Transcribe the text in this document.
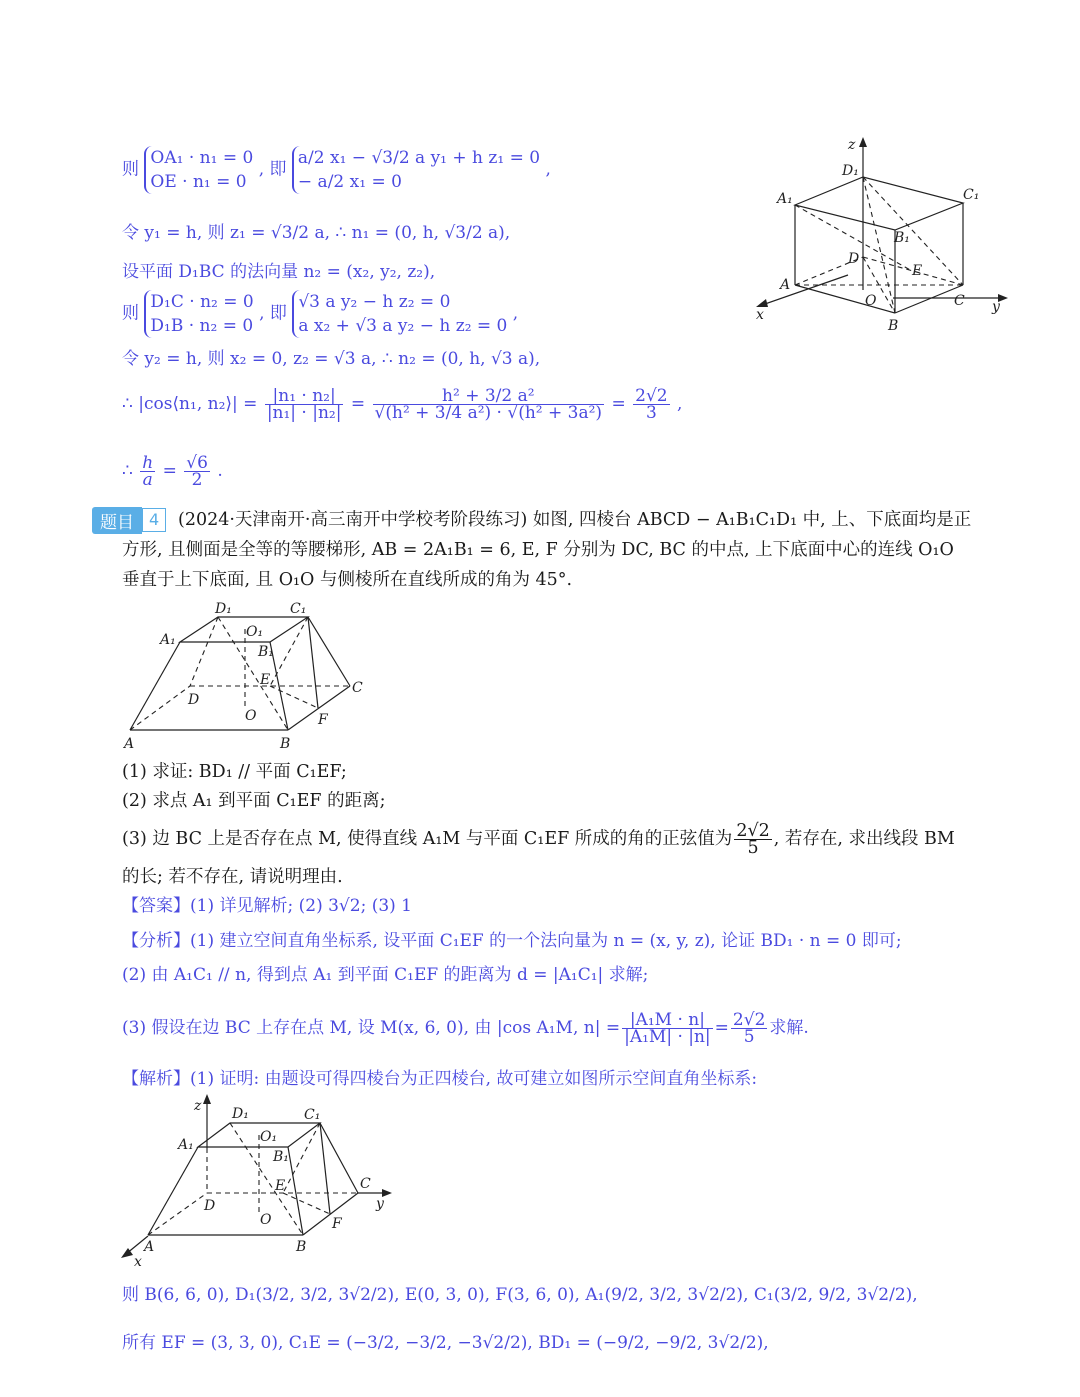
则
OA₁ · n₁ = 0
OE · n₁ = 0
, 即
a/2 x₁ − √3/2 a y₁ + h z₁ = 0
− a/2 x₁ = 0
,
令 y₁ = h, 则 z₁ = √3/2 a, ∴ n₁ = (0, h, √3/2 a),
设平面 D₁BC 的法向量 n₂ = (x₂, y₂, z₂),
则
D₁C · n₂ = 0
D₁B · n₂ = 0
, 即
√3 a y₂ − h z₂ = 0
a x₂ + √3 a y₂ − h z₂ = 0
,
令 y₂ = h, 则 x₂ = 0, z₂ = √3 a, ∴ n₂ = (0, h, √3 a),
∴ |cos⟨n₁, n₂⟩| = $\frac{\text{|n₁ · n₂|}}{\text{|n₁| · |n₂|}} = \frac{\text{h² + 3/2 a²}}{\text{√(h² + 3/4 a²) · √(h² + 3a²)}} = \frac{2√2}{3}$ ,
∴ $\frac{h}{a} = \frac{√6}{2}$ .
z
D₁
C₁
A₁
B₁
D
E
A
O	C y
x
B
题目 4	(2024·天津南开·高三南开中学校考阶段练习) 如图, 四棱台 ABCD − A₁B₁C₁D₁ 中, 上、下底面均是正
方形, 且侧面是全等的等腰梯形, AB = 2A₁B₁ = 6, E, F 分别为 DC, BC 的中点, 上下底面中心的连线 O₁O
垂直于上下底面, 且 O₁O 与侧棱所在直线所成的角为 45°.
D₁	C₁
A₁	O₁
B₁
E	C
D
O	F
A	B
(1) 求证: BD₁ // 平面 C₁EF;
(2) 求点 A₁ 到平面 C₁EF 的距离;
(3) 边 BC 上是否存在点 M, 使得直线 A₁M 与平面 C₁EF 所成的角的正弦值为 $\frac{2√2}{5}$ , 若存在, 求出线段 BM
的长; 若不存在, 请说明理由.
【答案】(1) 详见解析; (2) 3√2; (3) 1
【分析】(1) 建立空间直角坐标系, 设平面 C₁EF 的一个法向量为 n = (x, y, z), 论证 BD₁ · n = 0 即可;
(2) 由 A₁C₁ // n, 得到点 A₁ 到平面 C₁EF 的距离为 d = |A₁C₁| 求解;
(3) 假设在边 BC 上存在点 M, 设 M(x, 6, 0), 由 |cos A₁M, $n| = \frac{\text{|A₁M · n|}}{\text{|A₁M| · |n|}} = \frac{2√2}{5}$ 求解.
【解析】(1) 证明: 由题设可得四棱台为正四棱台, 故可建立如图所示空间直角坐标系:
z D₁	C₁
A₁	O₁
B₁
E	C
y
D
O	F
A	B
x
则 B(6, 6, 0), D₁(3/2, 3/2, 3√2/2), E(0, 3, 0), F(3, 6, 0), A₁(9/2, 3/2, 3√2/2), C₁(3/2, 9/2, 3√2/2),
所有 EF = (3, 3, 0), C₁E = (−3/2, −3/2, −3√2/2), BD₁ = (−9/2, −9/2, 3√2/2),
